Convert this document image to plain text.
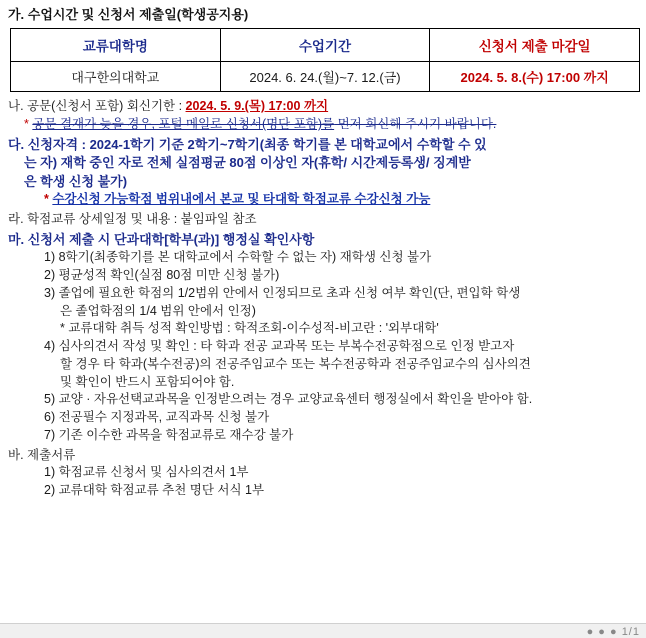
가. 수업시간 및 신청서 제출일(학생공지용)
교류대학명	수업기간	신청서 제출 마감일
대구한의대학교	2024. 6. 24.(월)~7. 12.(금)	2024. 5. 8.(수) 17:00 까지
나. 공문(신청서 포함) 회신기한 : 2024. 5. 9.(목) 17:00 까지
* 공문 결재가 늦을 경우, 포털 메일로 신청서(명단 포함)를 먼저 회신해 주시기 바랍니다.
다. 신청자격 : 2024-1학기 기준 2학기~7학기(최종 학기를 본 대학교에서 수학할 수 있
는 자) 재학 중인 자로 전체 실점평균 80점 이상인 자(휴학/ 시간제등록생/ 징계받
은 학생 신청 불가)
* 수강신청 가능학점 범위내에서 본교 및 타대학 학점교류 수강신청 가능
라. 학점교류 상세일정 및 내용 : 붙임파일 참조
마. 신청서 제출 시 단과대학[학부(과)] 행정실 확인사항
1) 8학기(최종학기를 본 대학교에서 수학할 수 없는 자) 재학생 신청 불가
2) 평균성적 확인(실점 80점 미만 신청 불가)
3) 졸업에 필요한 학점의 1/2범위 안에서 인정되므로 초과 신청 여부 확인(단, 편입학 학생
은 졸업학점의 1/4 범위 안에서 인정)
* 교류대학 취득 성적 확인방법 : 학적조회-이수성적-비고란 : '외부대학'
4) 심사의견서 작성 및 확인 : 타 학과 전공 교과목 또는 부복수전공학점으로 인정 받고자
할 경우 타 학과(복수전공)의 전공주임교수 또는 복수전공학과 전공주임교수의 심사의견
및 확인이 반드시 포함되어야 함.
5) 교양 · 자유선택교과목을 인정받으려는 경우 교양교육센터 행정실에서 확인을 받아야 함.
6) 전공필수 지정과목, 교직과목 신청 불가
7) 기존 이수한 과목을 학점교류로 재수강 불가
바. 제출서류
1) 학점교류 신청서 및 심사의견서 1부
2) 교류대학 학점교류 추천 명단 서식 1부
● ● ● 1/1
